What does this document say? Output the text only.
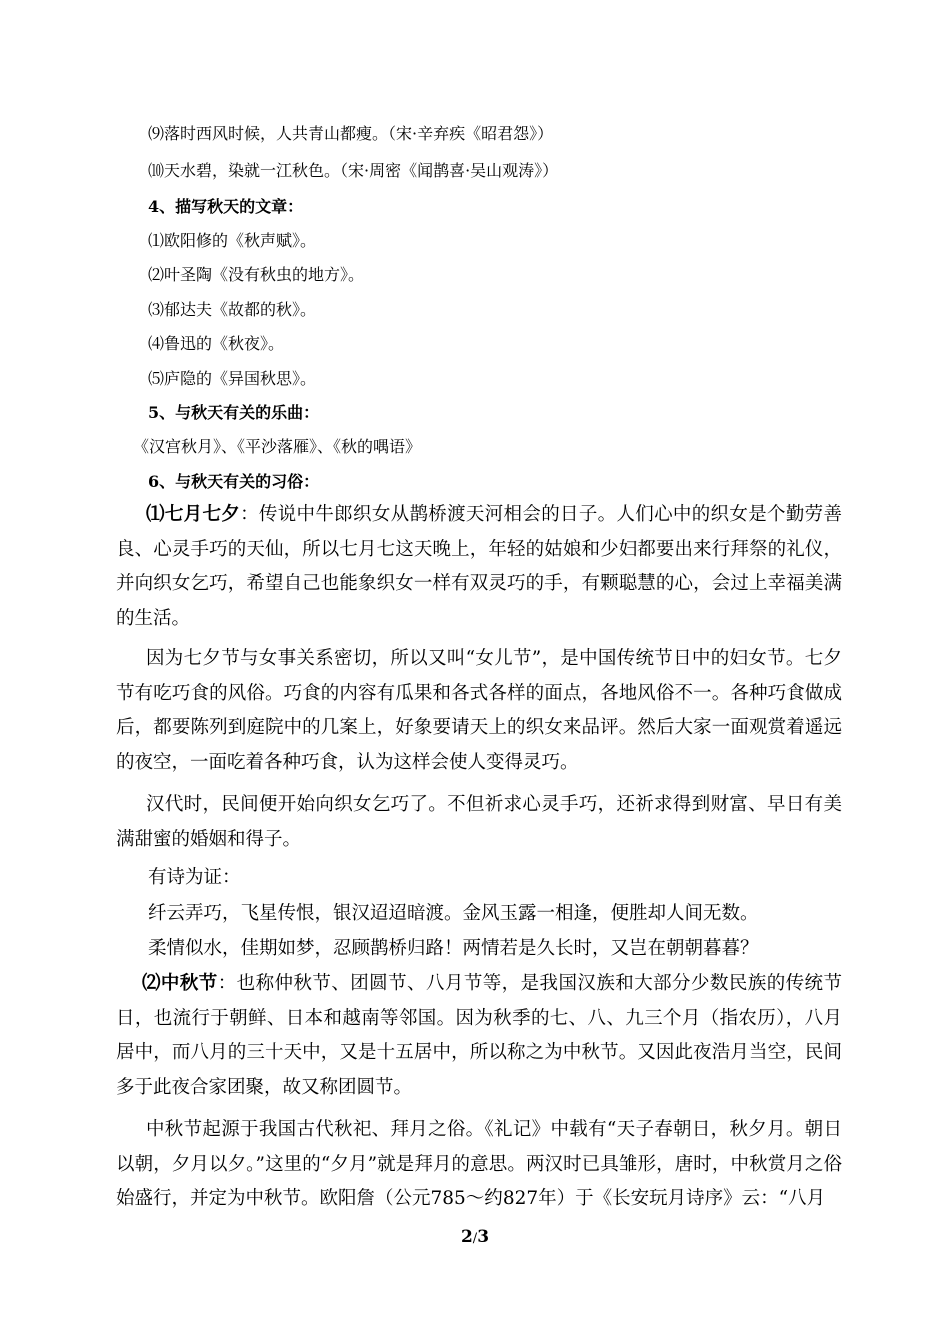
⑼落时西风时候，人共青山都瘦。（宋·辛弃疾《昭君怨》）
⑽天水碧，染就一江秋色。（宋·周密《闻鹊喜·吴山观涛》）
4、描写秋天的文章：
⑴欧阳修的《秋声赋》。
⑵叶圣陶《没有秋虫的地方》。
⑶郁达夫《故都的秋》。
⑷鲁迅的《秋夜》。
⑸庐隐的《异国秋思》。
5、与秋天有关的乐曲：
《汉宫秋月》、《平沙落雁》、《秋的喁语》
6、与秋天有关的习俗：
⑴七月七夕：传说中牛郎织女从鹊桥渡天河相会的日子。人们心中的织女是个勤劳善良、心灵手巧的天仙，所以七月七这天晚上，年轻的姑娘和少妇都要出来行拜祭的礼仪，并向织女乞巧，希望自己也能象织女一样有双灵巧的手，有颗聪慧的心，会过上幸福美满的生活。
因为七夕节与女事关系密切，所以又叫“女儿节”，是中国传统节日中的妇女节。七夕节有吃巧食的风俗。巧食的内容有瓜果和各式各样的面点，各地风俗不一。各种巧食做成后，都要陈列到庭院中的几案上，好象要请天上的织女来品评。然后大家一面观赏着遥远的夜空，一面吃着各种巧食，认为这样会使人变得灵巧。
汉代时，民间便开始向织女乞巧了。不但祈求心灵手巧，还祈求得到财富、早日有美满甜蜜的婚姻和得子。
有诗为证：
纤云弄巧，飞星传恨，银汉迢迢暗渡。金风玉露一相逢，便胜却人间无数。
柔情似水，佳期如梦，忍顾鹊桥归路！两情若是久长时，又岂在朝朝暮暮？
⑵中秋节：也称仲秋节、团圆节、八月节等，是我国汉族和大部分少数民族的传统节日，也流行于朝鲜、日本和越南等邻国。因为秋季的七、八、九三个月（指农历），八月居中，而八月的三十天中，又是十五居中，所以称之为中秋节。又因此夜浩月当空，民间多于此夜合家团聚，故又称团圆节。
中秋节起源于我国古代秋祀、拜月之俗。《礼记》中载有“天子春朝日，秋夕月。朝日以朝，夕月以夕。”这里的“夕月”就是拜月的意思。两汉时已具雏形，唐时，中秋赏月之俗始盛行，并定为中秋节。欧阳詹（公元785～约827年）于《长安玩月诗序》云：“八月
2/3
